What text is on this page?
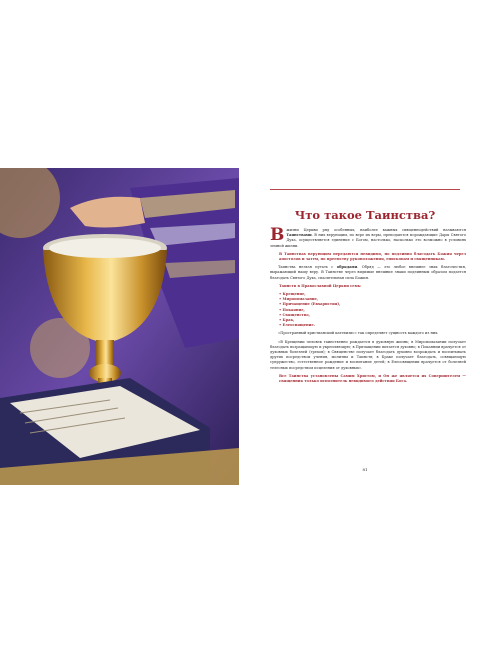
Что такое Таинства?

Вжизни Церкви ряд особенных, наиболее важных священнодействий называются Таинствами. В них верующим, по вере их веры, преподаются порождающие Дары Святого Духа, осуществляется единение с Богом, настолько, насколько это возможно в условиях земной жизни.

В Таинствах верующим передаются невидимо, но подлинно благодать Божия через апостолов и затем, по преемству рукоположения, епископам и священникам.

Таинства нельзя путать с обрядами. Обряд — это любое внешнее знак благочестия, выражающий нашу веру. В Таинстве через видимые внешние знаки подлинным образом подается благодать Святого Духа, спасительная сила Божия.

Таинств в Православной Церкви семь:

• Крещение,
• Миропомазание,
• Причащение (Евхаристия),
• Покаяние,
• Священство,
• Брак,
• Елеосвящение.

«Пространный христианский катехизис» так определяет сущность каждого из них.

«В Крещении человек таинственно рождается в духовную жизнь; в Миропомазании получает благодать возращающую и укрепляющую; в Причащении питается духовно; в Покаянии врачуется от духовных болезней (грехов); в Священстве получает благодать духовно возрождать и воспитывать других посредством учения, молитвы и Таинств; в Браке получает благодать, освящающую супружество, естественное рождение и воспитание детей; в Елеосвящении врачуется от болезней телесных посредством исцеления от духовных».

Все Таинства установлены Самим Христом, и Он же является их Совершителем — священник только исполнитель невидимого действия Бога.

81
